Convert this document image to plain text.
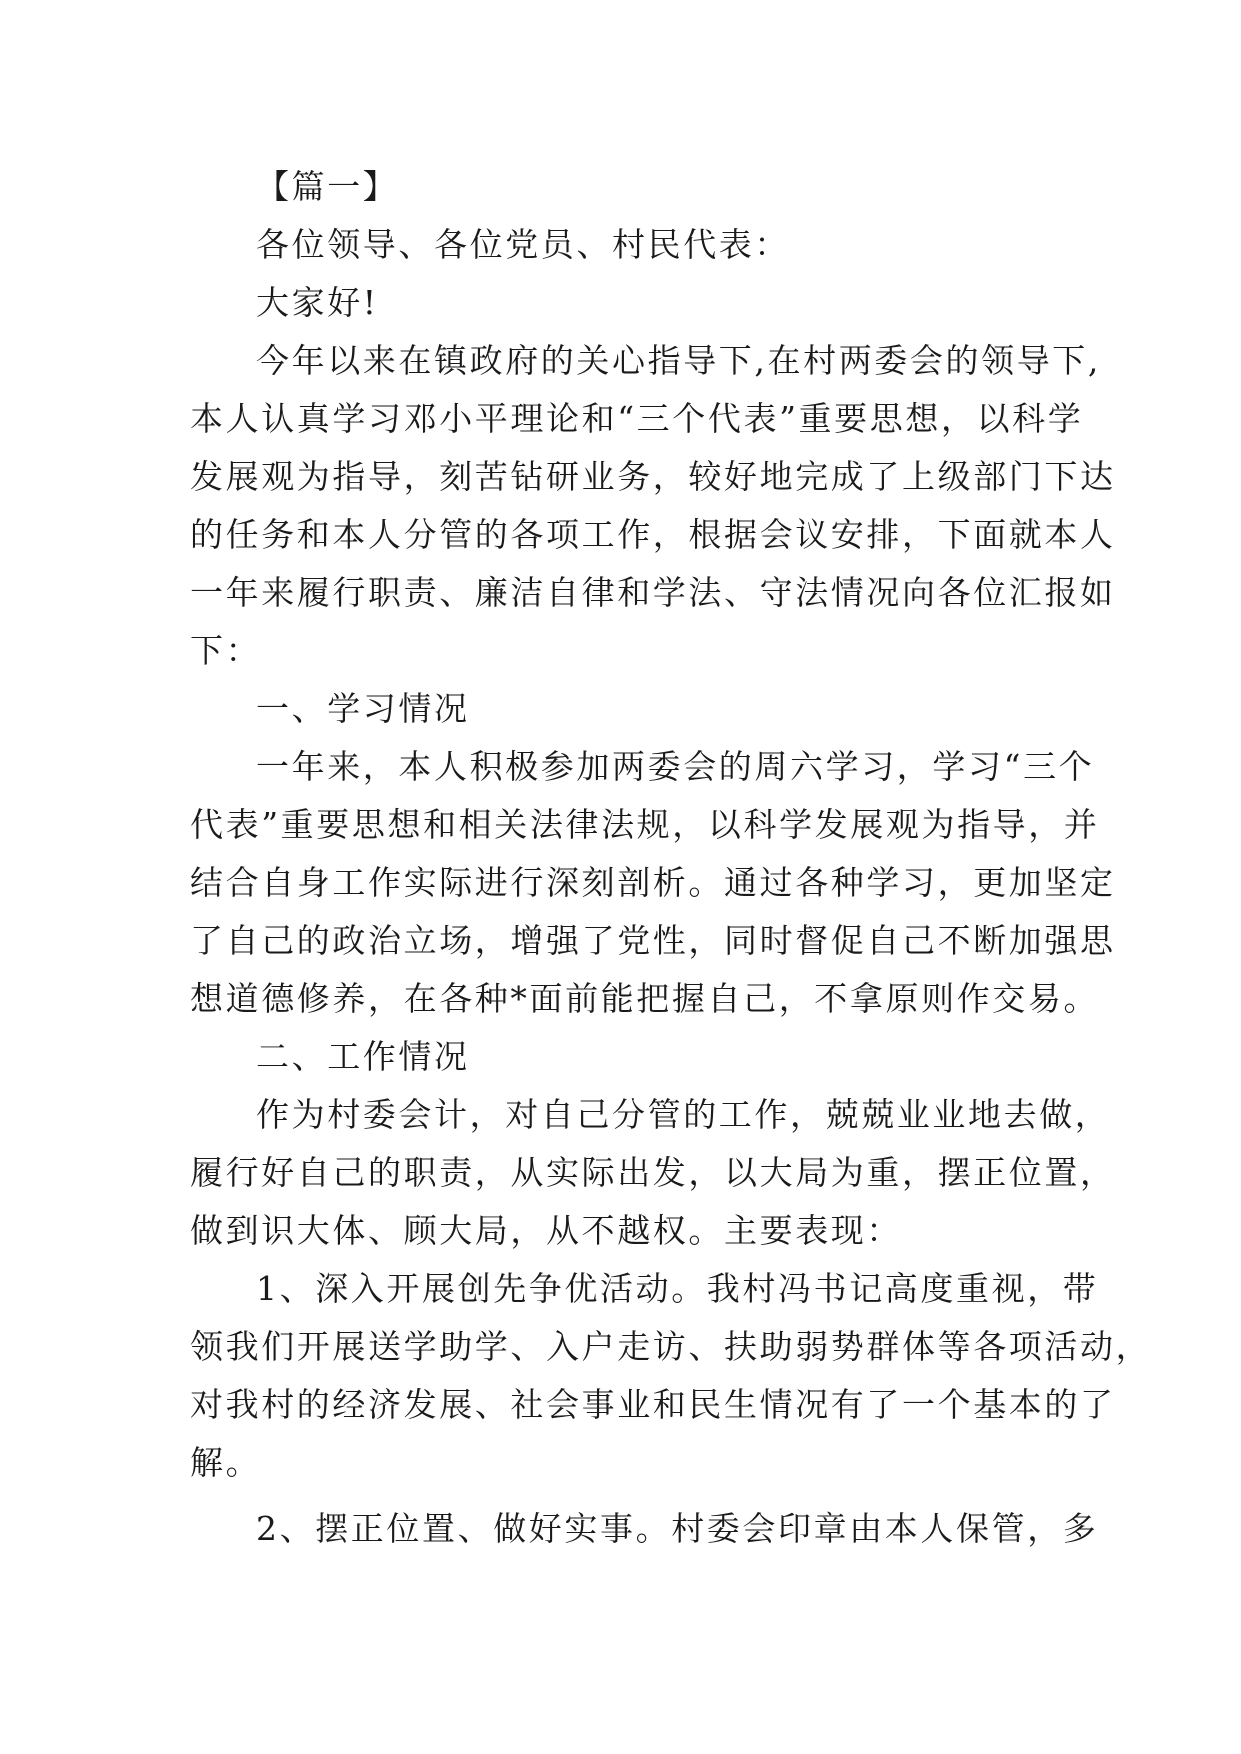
【篇一】
各位领导、各位党员、村民代表：
大家好!
今年以来在镇政府的关心指导下,在村两委会的领导下,
本人认真学习邓小平理论和“三个代表”重要思想，以科学
发展观为指导，刻苦钻研业务，较好地完成了上级部门下达
的任务和本人分管的各项工作，根据会议安排，下面就本人
一年来履行职责、廉洁自律和学法、守法情况向各位汇报如
下：
一、学习情况
一年来，本人积极参加两委会的周六学习，学习“三个
代表”重要思想和相关法律法规，以科学发展观为指导，并
结合自身工作实际进行深刻剖析。通过各种学习，更加坚定
了自己的政治立场，增强了党性，同时督促自己不断加强思
想道德修养，在各种*面前能把握自己，不拿原则作交易。
二、工作情况
作为村委会计，对自己分管的工作，兢兢业业地去做，
履行好自己的职责，从实际出发，以大局为重，摆正位置，
做到识大体、顾大局，从不越权。主要表现：
1、深入开展创先争优活动。我村冯书记高度重视，带
领我们开展送学助学、入户走访、扶助弱势群体等各项活动，
对我村的经济发展、社会事业和民生情况有了一个基本的了
解。
2、摆正位置、做好实事。村委会印章由本人保管，多
